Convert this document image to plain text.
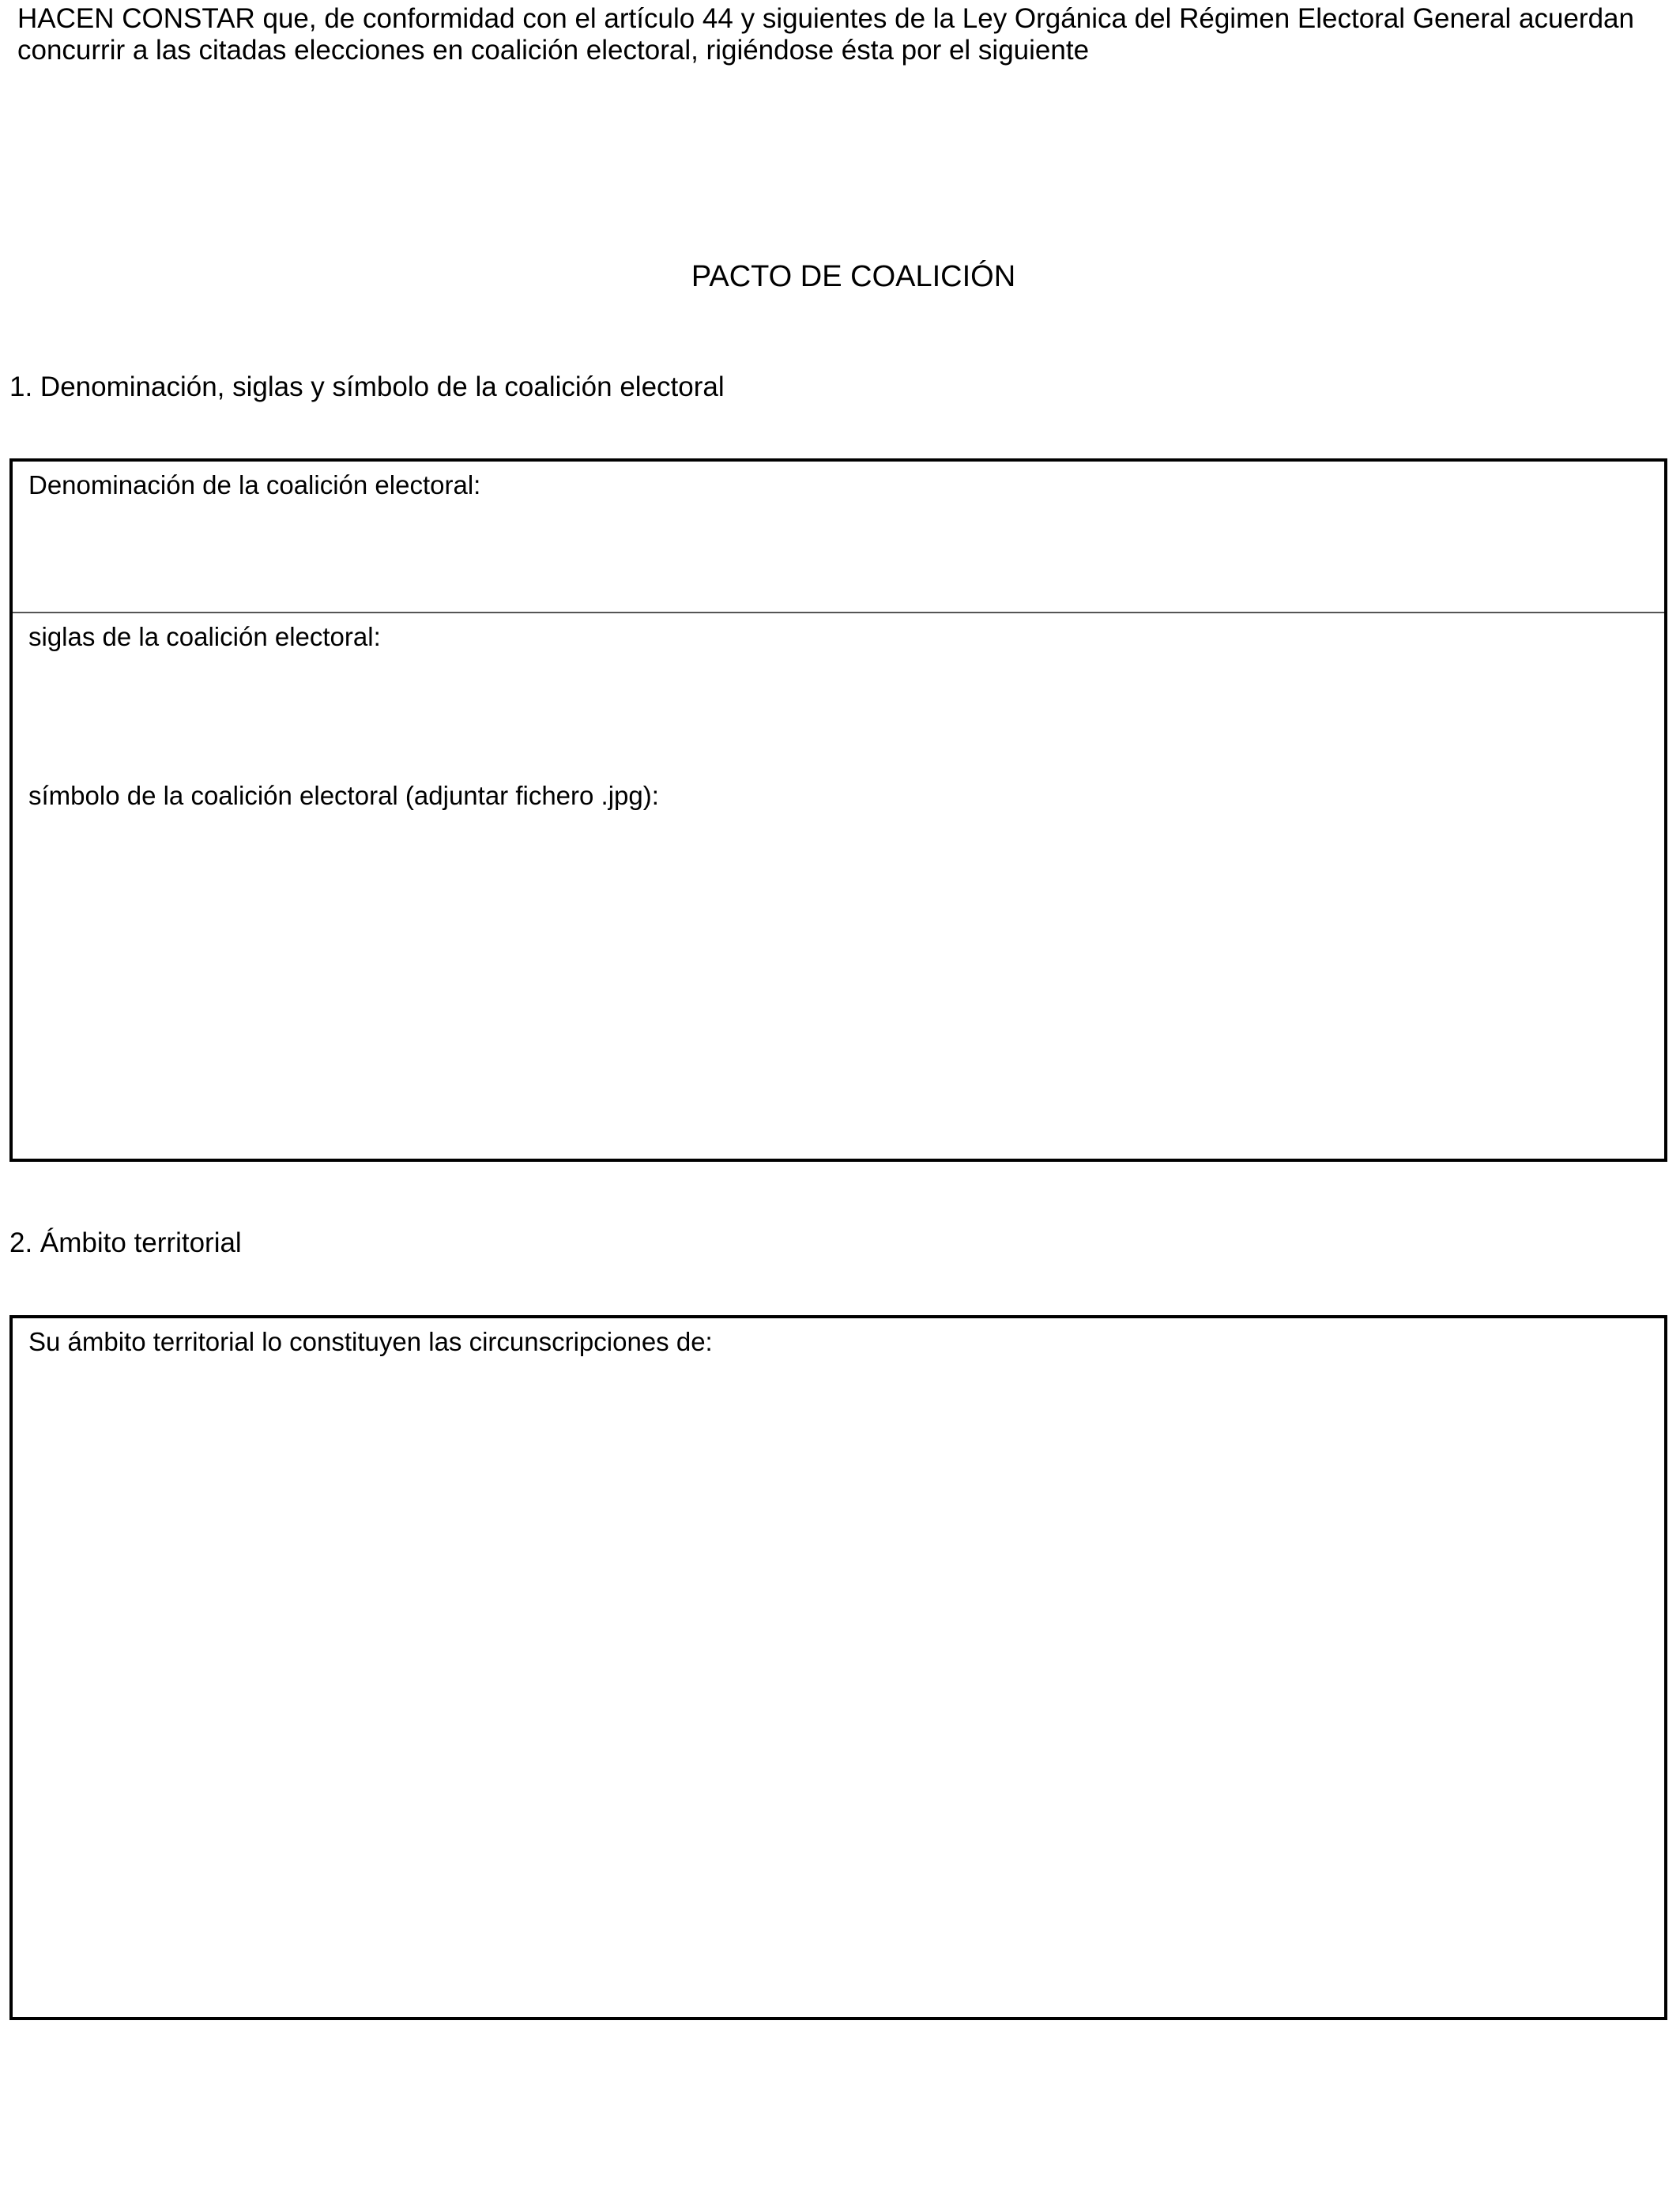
HACEN CONSTAR que, de conformidad con el artículo 44 y siguientes de la Ley Orgánica del Régimen Electoral General acuerdan
concurrir a las citadas elecciones en coalición electoral, rigiéndose ésta por el siguiente

PACTO DE COALICIÓN
1. Denominación, siglas y símbolo de la coalición electoral
Denominación de la coalición electoral:
siglas de la coalición electoral:
símbolo de la coalición electoral (adjuntar fichero .jpg):
2. Ámbito territorial
Su ámbito territorial lo constituyen las circunscripciones de:
